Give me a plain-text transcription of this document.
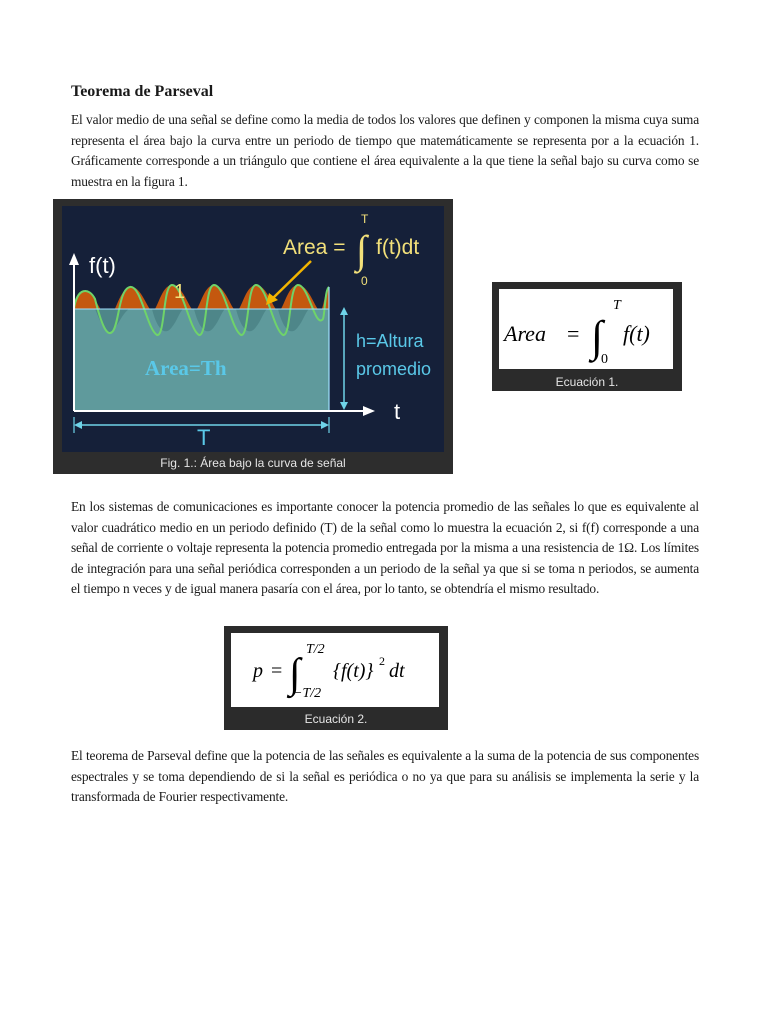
Teorema de Parseval

El valor medio de una señal se define como la media de todos los valores que definen y componen la misma cuya suma representa el área bajo la curva entre un periodo de tiempo que matemáticamente se representa por a la ecuación 1. Gráficamente corresponde a un triángulo que contiene el área equivalente a la que tiene la señal bajo su curva como se muestra en la figura 1.

f(t)
1
Area=Th
h=Altura
promedio
t
T
Area = ∫
T
0
f(t)dt
Fig. 1.: Área bajo la curva de señal
Area = ∫
T
0
f(t)
Ecuación 1.

En los sistemas de comunicaciones es importante conocer la potencia promedio de las señales lo que es equivalente al valor cuadrático medio en un periodo definido (T) de la señal como lo muestra la ecuación 2, si f(f) corresponde a una señal de corriente o voltaje representa la potencia promedio entregada por la misma a una resistencia de 1Ω. Los límites de integración para una señal periódica corresponden a un periodo de la señal ya que si se toma n periodos, se aumenta el tiempo n veces y de igual manera pasaría con el área, por lo tanto, se obtendría el mismo resultado.

p = ∫
T/2
−T/2
{f(t)} 2 dt
Ecuación 2.

El teorema de Parseval define que la potencia de las señales es equivalente a la suma de la potencia de sus componentes espectrales y se toma dependiendo de si la señal es periódica o no ya que para su análisis se implementa la serie y la transformada de Fourier respectivamente.
